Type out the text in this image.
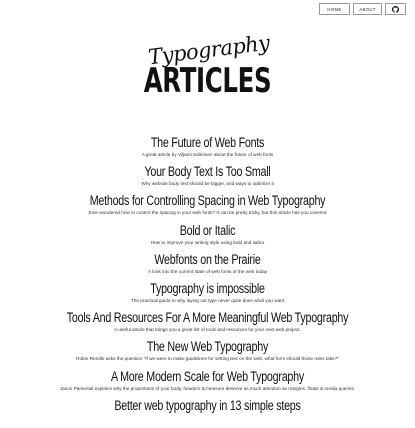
HOME	ABOUT
Typography
ARTICLES
The Future of Web Fonts
A great article by Viljami Salminen about the future of web fonts
Your Body Text Is Too Small
Why website body text should be bigger, and ways to optimize it
Methods for Controlling Spacing in Web Typography
Ever wondered how to control the spacing in your web fonts? It can be pretty tricky, but this article has you covered
Bold or Italic
How to improve your writing style using bold and italics
Webfonts on the Prairie
A look into the current state of web fonts of the web today
Typography is impossible
The practical guide to why laying out type never quite does what you want
Tools And Resources For A More Meaningful Web Typography
A useful article that brings you a great list of tools and resources for your next web project.
The New Web Typography
Robin Rendle asks the question "If we were to make guidelines for setting text on the web, what form should those rules take?"
A More Modern Scale for Web Typography
Jason Pamental explains why the proportions of your body, headers & measure deserve as much attention as margins, floats & media queries.
Better web typography in 13 simple steps
